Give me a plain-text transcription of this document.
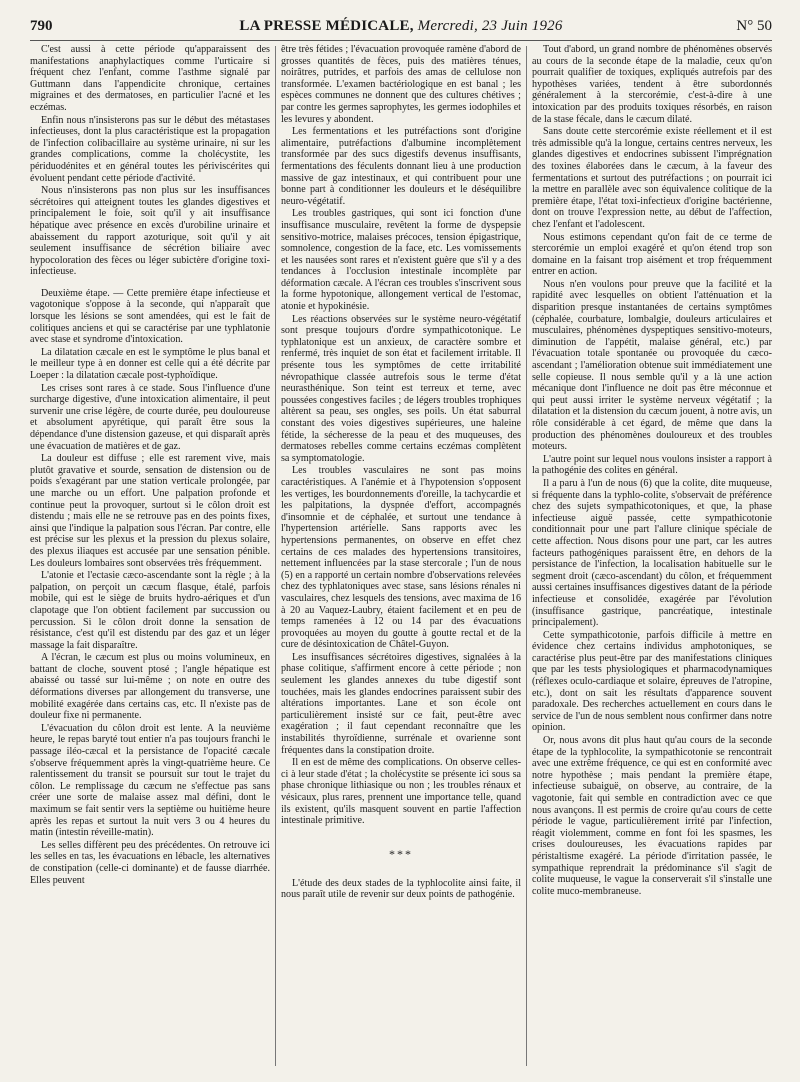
790	LA PRESSE MÉDICALE, Mercredi, 23 Juin 1926	N° 50

C'est aussi à cette période qu'apparaissent des manifestations anaphylactiques comme l'urticaire si fréquent chez l'enfant, comme l'asthme signalé par Guttmann dans l'appendicite chronique, certaines migraines et des dermatoses, en particulier l'acné et les eczémas.

Enfin nous n'insisterons pas sur le début des métastases infectieuses, dont la plus caractéristique est la propagation de l'infection colibacillaire au système urinaire, ni sur les grandes complications, comme la cholécystite, les périduodénites et en général toutes les périviscérites qui évoluent pendant cette période d'activité.

Nous n'insisterons pas non plus sur les insuffisances sécrétoires qui atteignent toutes les glandes digestives et principalement le foie, soit qu'il y ait insuffisance hépatique avec présence en excès d'urobiline urinaire et abaissement du rapport azoturique, soit qu'il y ait seulement insuffisance de sécrétion biliaire avec hypocoloration des fèces ou léger subictère d'origine toxi-infectieuse.

Deuxième étape. — Cette première étape infectieuse et vagotonique s'oppose à la seconde, qui n'apparaît que lorsque les lésions se sont amendées, qui est le fait de colitiques anciens et qui se caractérise par une typhlatonie avec stase et syndrome d'intoxication.

La dilatation cæcale en est le symptôme le plus banal et le meilleur type à en donner est celle qui a été décrite par Loeper : la dilatation cæcale post-typhoïdique.

Les crises sont rares à ce stade. Sous l'influence d'une surcharge digestive, d'une intoxication alimentaire, il peut survenir une crise légère, de courte durée, peu douloureuse et absolument apyrétique, qui paraît être sous la dépendance d'une distension gazeuse, et qui disparaît après une évacuation de matières et de gaz.

La douleur est diffuse ; elle est rarement vive, mais plutôt gravative et sourde, sensation de distension ou de poids s'exagérant par une station verticale prolongée, par une marche ou un effort. Une palpation profonde et continue peut la provoquer, surtout si le côlon droit est distendu ; mais elle ne se retrouve pas en des points fixes, ainsi que l'indique la palpation sous l'écran. Par contre, elle est précise sur les plexus et la pression du plexus solaire, des plexus iliaques est accusée par une sensation pénible. Les douleurs lombaires sont observées très fréquemment.

L'atonie et l'ectasie cæco-ascendante sont la règle ; à la palpation, on perçoit un cæcum flasque, étalé, parfois mobile, qui est le siège de bruits hydro-aériques et d'un clapotage que l'on obtient facilement par succussion ou percussion. Si le côlon droit donne la sensation de résistance, c'est qu'il est distendu par des gaz et un léger massage la fait disparaître.

A l'écran, le cæcum est plus ou moins volumineux, en battant de cloche, souvent ptosé ; l'angle hépatique est abaissé ou tassé sur lui-même ; on note en outre des déformations diverses par allongement du transverse, une mobilité exagérée dans certains cas, etc. Il n'existe pas de douleur fixe ni permanente.

L'évacuation du côlon droit est lente. A la neuvième heure, le repas baryté tout entier n'a pas toujours franchi le passage iléo-cæcal et la persistance de l'opacité cæcale s'observe fréquemment après la vingt-quatrième heure. Ce ralentissement du transit se poursuit sur tout le trajet du côlon. Le remplissage du cæcum ne s'effectue pas sans créer une sorte de malaise assez mal défini, dont le maximum se fait sentir vers la septième ou huitième heure après les repas et surtout la nuit vers 3 ou 4 heures du matin (intestin réveille-matin).

Les selles diffèrent peu des précédentes. On retrouve ici les selles en tas, les évacuations en lébacle, les alternatives de constipation (celle-ci dominante) et de fausse diarrhée. Elles peuvent

être très fétides ; l'évacuation provoquée ramène d'abord de grosses quantités de fèces, puis des matières ténues, noirâtres, putrides, et parfois des amas de cellulose non transformée. L'examen bactériologique en est banal ; les espèces communes ne donnent que des cultures chétives ; par contre les germes saprophytes, les germes iodophiles et les levures y abondent.

Les fermentations et les putréfactions sont d'origine alimentaire, putréfactions d'albumine incomplètement transformée par des sucs digestifs devenus insuffisants, fermentations des féculents donnant lieu à une production massive de gaz intestinaux, et qui contribuent pour une bonne part à conditionner les douleurs et le déséquilibre neuro-végétatif.

Les troubles gastriques, qui sont ici fonction d'une insuffisance musculaire, revêtent la forme de dyspepsie sensitivo-motrice, malaises précoces, tension épigastrique, somnolence, congestion de la face, etc. Les vomissements et les nausées sont rares et n'existent guère que s'il y a des tendances à l'occlusion intestinale incomplète par déformation cæcale. A l'écran ces troubles s'inscrivent sous la forme hypotonique, allongement vertical de l'estomac, atonie et hypokinésie.

Les réactions observées sur le système neuro-végétatif sont presque toujours d'ordre sympathicotonique. Le typhlatonique est un anxieux, de caractère sombre et renfermé, très inquiet de son état et facilement irritable. Il présente tous les symptômes de cette irritabilité névropathique classée autrefois sous le terme d'état neurasthénique. Son teint est terreux et terne, avec poussées congestives faciles ; de légers troubles trophiques altèrent sa peau, ses ongles, ses poils. Un état saburral constant des voies digestives supérieures, une haleine fétide, la sécheresse de la peau et des muqueuses, des dermatoses rebelles comme certains eczémas complètent sa symptomatologie.

Les troubles vasculaires ne sont pas moins caractéristiques. A l'anémie et à l'hypotension s'opposent les vertiges, les bourdonnements d'oreille, la tachycardie et les palpitations, la dyspnée d'effort, accompagnés d'insomnie et de céphalée, et surtout une tendance à l'hypertension artérielle. Sans rapports avec les hypertensions permanentes, on observe en effet chez certains de ces malades des hypertensions transitoires, nettement influencées par la stase stercorale ; l'un de nous (5) en a rapporté un certain nombre d'observations relevées chez des typhlatoniques avec stase, sans lésions rénales ni vasculaires, chez lesquels des tensions, avec maxima de 16 à 20 au Vaquez-Laubry, étaient facilement et en peu de temps ramenées à 12 ou 14 par des évacuations provoquées au moyen du goutte à goutte rectal et de la cure de désintoxication de Châtel-Guyon.

Les insuffisances sécrétoires digestives, signalées à la phase colitique, s'affirment encore à cette période ; non seulement les glandes annexes du tube digestif sont touchées, mais les glandes endocrines paraissent subir des altérations importantes. Lane et son école ont particulièrement insisté sur ce fait, peut-être avec exagération ; il faut cependant reconnaître que les instabilités thyroïdienne, surrénale et ovarienne sont fréquentes dans la constipation droite.

Il en est de même des complications. On observe celles-ci à leur stade d'état ; la cholécystite se présente ici sous sa phase chronique lithiasique ou non ; les troubles rénaux et vésicaux, plus rares, prennent une importance telle, quand ils existent, qu'ils masquent souvent en partie l'affection intestinale primitive.

***

L'étude des deux stades de la typhlocolite ainsi faite, il nous paraît utile de revenir sur deux points de pathogénie.

Tout d'abord, un grand nombre de phénomènes observés au cours de la seconde étape de la maladie, ceux qu'on pourrait qualifier de toxiques, expliqués autrefois par des hypothèses variées, tendent à être subordonnés généralement à la stercorémie, c'est-à-dire à une intoxication par des produits toxiques résorbés, en raison de la stase fécale, dans le cæcum dilaté.

Sans doute cette stercorémie existe réellement et il est très admissible qu'à la longue, certains centres nerveux, les glandes digestives et endocrines subissent l'imprégnation des toxines élaborées dans le cæcum, à la faveur des fermentations et surtout des putréfactions ; on pourrait ici la mettre en parallèle avec son équivalence colitique de la première étape, l'état toxi-infectieux d'origine bactérienne, dont on trouve l'expression nette, au début de l'affection, chez l'enfant et l'adolescent.

Nous estimons cependant qu'on fait de ce terme de stercorémie un emploi exagéré et qu'on étend trop son domaine en la faisant trop aisément et trop fréquemment entrer en action.

Nous n'en voulons pour preuve que la facilité et la rapidité avec lesquelles on obtient l'atténuation et la disparition presque instantanées de certains symptômes (céphalée, courbature, lombalgie, douleurs articulaires et musculaires, phénomènes dyspeptiques sensitivo-moteurs, diminution de l'appétit, malaise général, etc.) par l'évacuation totale spontanée ou provoquée du cæco-ascendant ; l'amélioration obtenue suit immédiatement une selle copieuse. Il nous semble qu'il y a là une action mécanique dont l'influence ne doit pas être méconnue et qui peut aussi irriter le système nerveux végétatif ; la dilatation et la distension du cæcum jouent, à notre avis, un rôle considérable à cet égard, de même que dans la production des phénomènes douloureux et des troubles moteurs.

L'autre point sur lequel nous voulons insister a rapport à la pathogénie des colites en général.

Il a paru à l'un de nous (6) que la colite, dite muqueuse, si fréquente dans la typhlo-colite, s'observait de préférence chez des sujets sympathicotoniques, et que, la phase infectieuse aiguë passée, cette sympathicotonie conditionnait pour une part l'allure clinique spéciale de cette affection. Nous disons pour une part, car les autres facteurs pathogéniques paraissent être, en dehors de la persistance de l'infection, la localisation habituelle sur le segment droit (cæco-ascendant) du côlon, et fréquemment aussi certaines insuffisances digestives datant de la période infectieuse et consolidée, exagérée par l'évolution (insuffisance gastrique, pancréatique, intestinale principalement).

Cette sympathicotonie, parfois difficile à mettre en évidence chez certains individus amphotoniques, se caractérise plus peut-être par des manifestations cliniques que par les tests physiologiques et pharmacodynamiques (réflexes oculo-cardiaque et solaire, épreuves de l'atropine, etc.), dont on sait les résultats d'apparence souvent paradoxale. Des recherches actuellement en cours dans le service de l'un de nous semblent nous confirmer dans notre opinion.

Or, nous avons dit plus haut qu'au cours de la seconde étape de la typhlocolite, la sympathicotonie se rencontrait avec une extrême fréquence, ce qui est en conformité avec notre hypothèse ; mais pendant la première étape, infectieuse subaiguë, on observe, au contraire, de la vagotonie, fait qui semble en contradiction avec ce que nous avançons. Il est permis de croire qu'au cours de cette période le vague, particulièrement irrité par l'infection, réagit violemment, comme en font foi les spasmes, les crises douloureuses, les évacuations rapides par péristaltisme exagéré. La période d'irritation passée, le sympathique reprendrait la prédominance s'il s'agit de colite muqueuse, le vague la conserverait s'il s'installe une colite muco-membraneuse.
